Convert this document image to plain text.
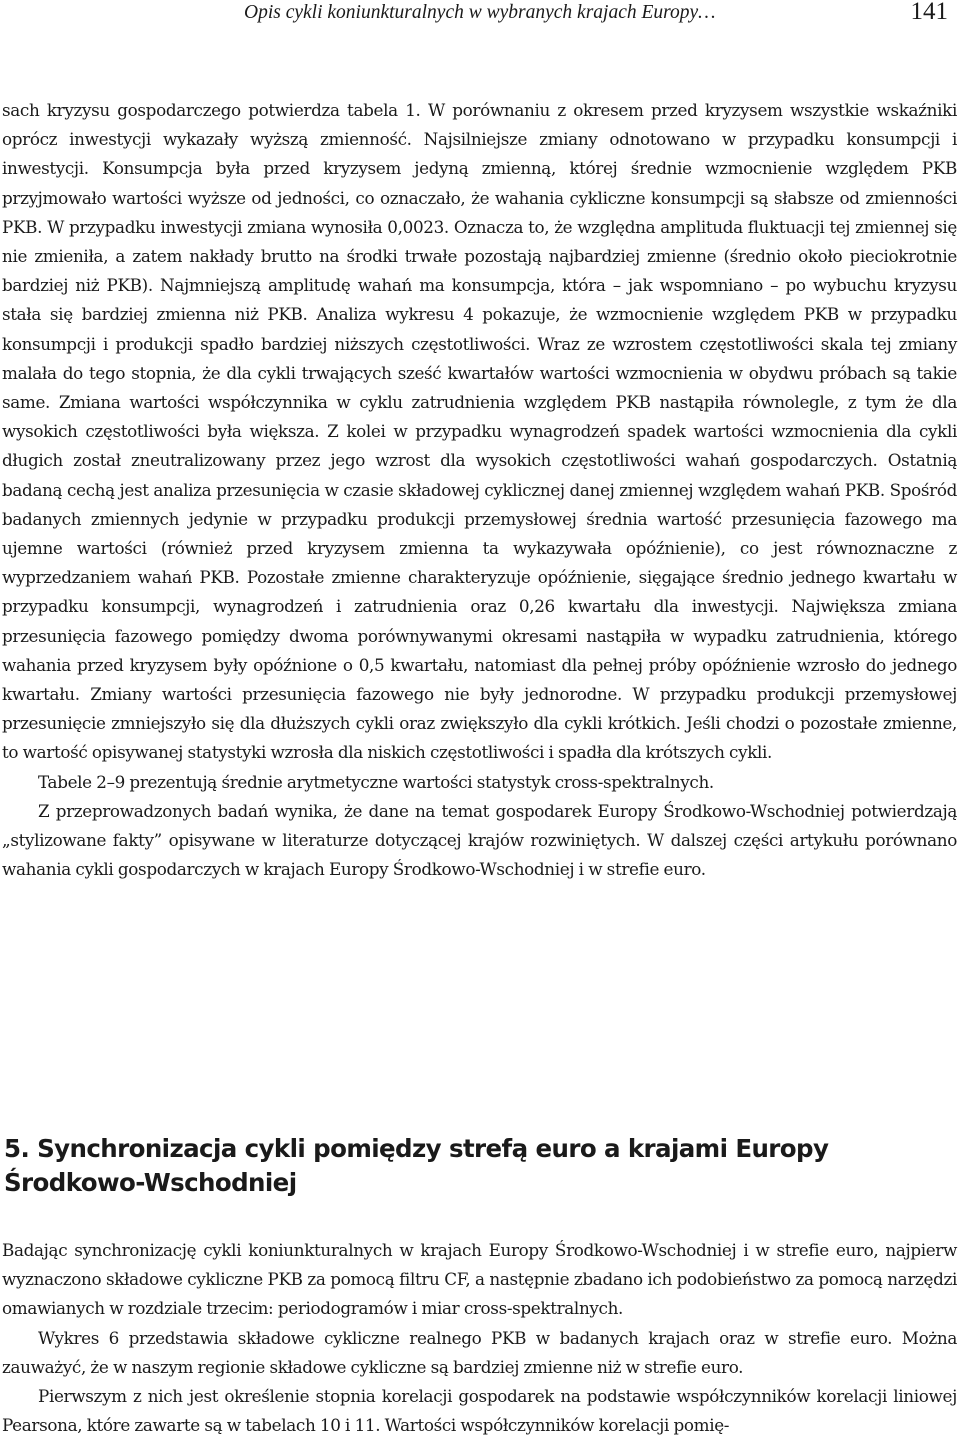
Opis cykli koniunkturalnych w wybranych krajach Europy…	141

sach kryzysu gospodarczego potwierdza tabela 1. W porównaniu z okresem przed kryzysem wszystkie wskaźniki oprócz inwestycji wykazały wyższą zmienność. Najsilniejsze zmiany odnotowano w przypadku konsumpcji i inwestycji. Konsumpcja była przed kryzysem jedyną zmienną, której średnie wzmocnienie względem PKB przyjmowało wartości wyższe od jedności, co oznaczało, że wahania cykliczne konsumpcji są słabsze od zmienności PKB. W przypadku inwestycji zmiana wynosiła 0,0023. Oznacza to, że względna amplituda fluktuacji tej zmiennej się nie zmieniła, a zatem nakłady brutto na środki trwałe pozostają najbardziej zmienne (średnio około pieciokrotnie bardziej niż PKB). Najmniejszą amplitudę wahań ma konsumpcja, która – jak wspomniano – po wybuchu kryzysu stała się bardziej zmienna niż PKB. Analiza wykresu 4 pokazuje, że wzmocnienie względem PKB w przypadku konsumpcji i produkcji spadło bardziej niższych częstotliwości. Wraz ze wzrostem częstotliwości skala tej zmiany malała do tego stopnia, że dla cykli trwających sześć kwartałów wartości wzmocnienia w obydwu próbach są takie same. Zmiana wartości współczynnika w cyklu zatrudnienia względem PKB nastąpiła równolegle, z tym że dla wysokich częstotliwości była większa. Z kolei w przypadku wynagrodzeń spadek wartości wzmocnienia dla cykli długich został zneutralizowany przez jego wzrost dla wysokich częstotliwości wahań gospodarczych. Ostatnią badaną cechą jest analiza przesunięcia w czasie składowej cyklicznej danej zmiennej względem wahań PKB. Spośród badanych zmiennych jedynie w przypadku produkcji przemysłowej średnia wartość przesunięcia fazowego ma ujemne wartości (również przed kryzysem zmienna ta wykazywała opóźnienie), co jest równoznaczne z wyprzedzaniem wahań PKB. Pozostałe zmienne charakteryzuje opóźnienie, sięgające średnio jednego kwartału w przypadku konsumpcji, wynagrodzeń i zatrudnienia oraz 0,26 kwartału dla inwestycji. Największa zmiana przesunięcia fazowego pomiędzy dwoma porównywanymi okresami nastąpiła w wypadku zatrudnienia, którego wahania przed kryzysem były opóźnione o 0,5 kwartału, natomiast dla pełnej próby opóźnienie wzrosło do jednego kwartału. Zmiany wartości przesunięcia fazowego nie były jednorodne. W przypadku produkcji przemysłowej przesunięcie zmniejszyło się dla dłuższych cykli oraz zwiększyło dla cykli krótkich. Jeśli chodzi o pozostałe zmienne, to wartość opisywanej statystyki wzrosła dla niskich częstotliwości i spadła dla krótszych cykli.

Tabele 2–9 prezentują średnie arytmetyczne wartości statystyk cross-spektralnych.

Z przeprowadzonych badań wynika, że dane na temat gospodarek Europy Środkowo-Wschodniej potwierdzają „stylizowane fakty” opisywane w literaturze dotyczącej krajów rozwiniętych. W dalszej części artykułu porównano wahania cykli gospodarczych w krajach Europy Środkowo-Wschodniej i w strefie euro.

5. Synchronizacja cykli pomiędzy strefą euro a krajami Europy Środkowo-Wschodniej

Badając synchronizację cykli koniunkturalnych w krajach Europy Środkowo-Wschodniej i w strefie euro, najpierw wyznaczono składowe cykliczne PKB za pomocą filtru CF, a następnie zbadano ich podobieństwo za pomocą narzędzi omawianych w rozdziale trzecim: periodogramów i miar cross-spektralnych.

Wykres 6 przedstawia składowe cykliczne realnego PKB w badanych krajach oraz w strefie euro. Można zauważyć, że w naszym regionie składowe cykliczne są bardziej zmienne niż w strefie euro.

Pierwszym z nich jest określenie stopnia korelacji gospodarek na podstawie współczynników korelacji liniowej Pearsona, które zawarte są w tabelach 10 i 11. Wartości współczynników korelacji pomię-
